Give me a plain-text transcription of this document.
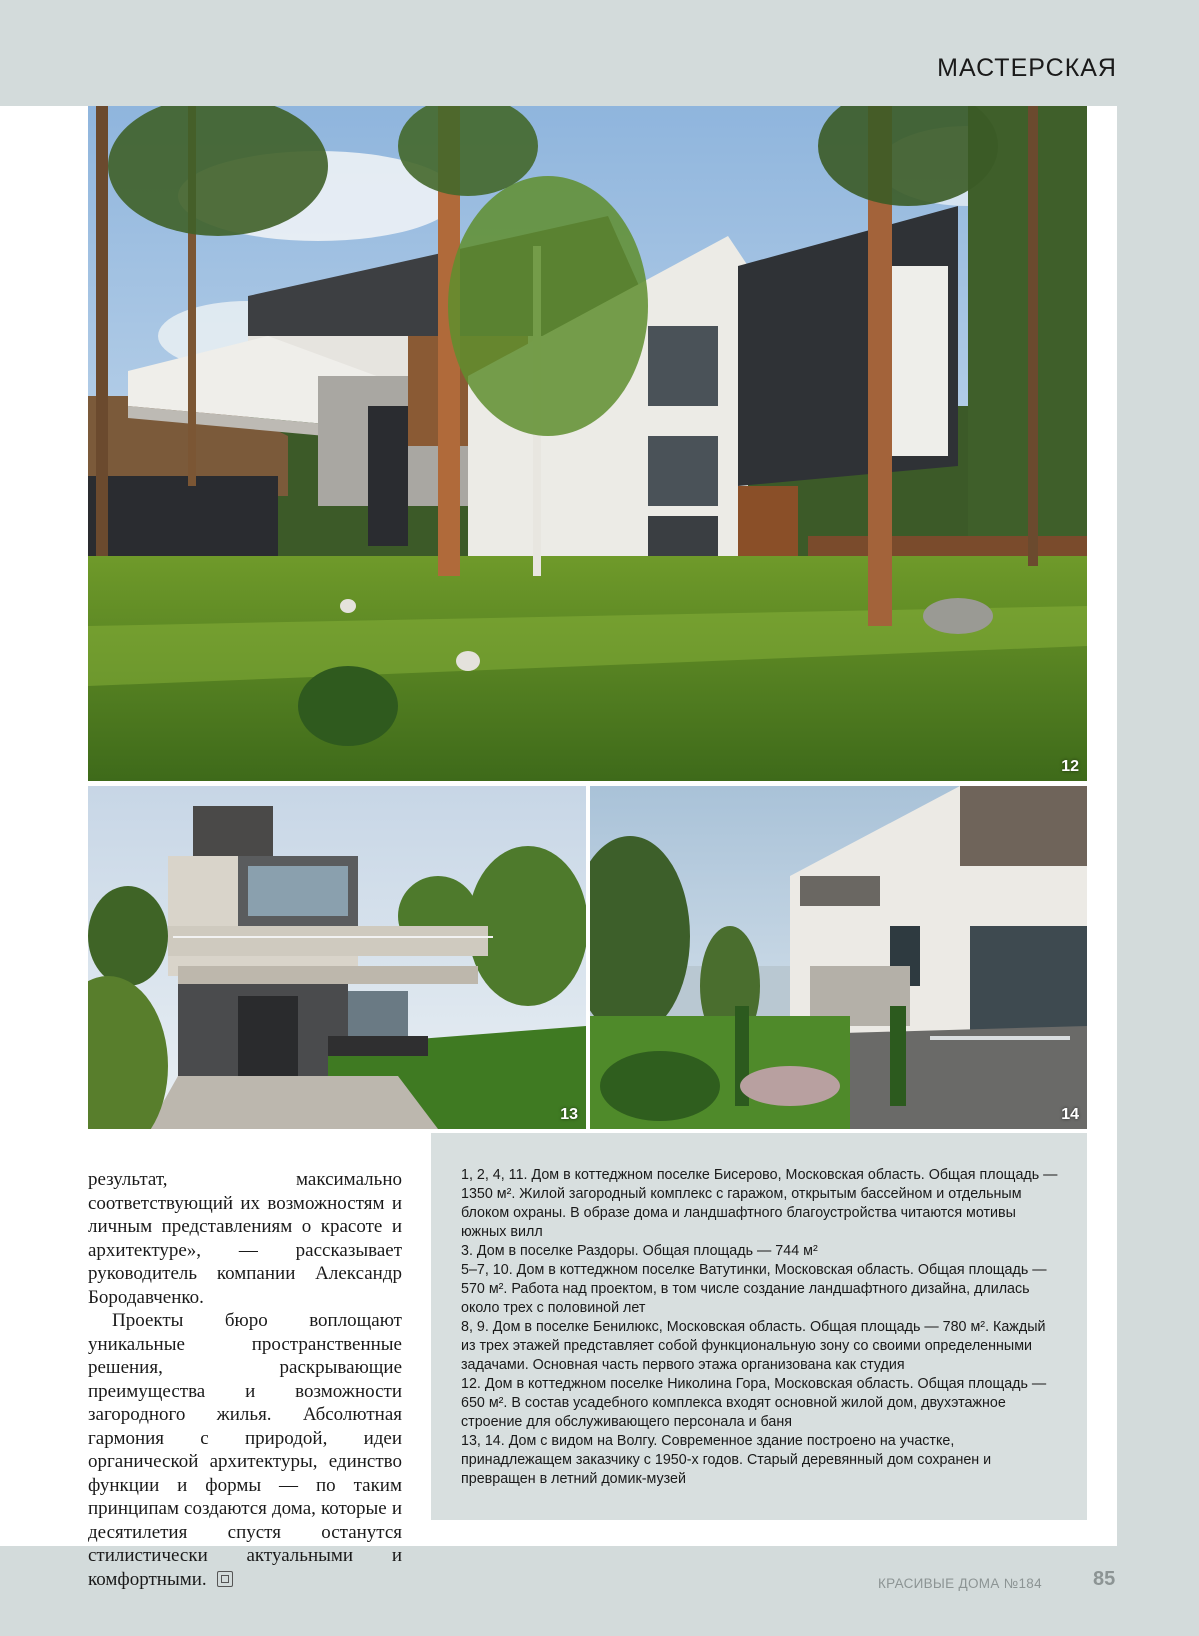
МАСТЕРСКАЯ
12
13	14

результат, максимально соответствующий их возможностям и личным представлениям о красоте и архитектуре», — рассказывает руководитель компании Александр Бородавченко.

Проекты бюро воплощают уникальные пространственные решения, раскрывающие преимущества и возможности загородного жилья. Абсолютная гармония с природой, идеи органической архитектуры, единство функции и формы — по таким принципам создаются дома, которые и десятилетия спустя останутся стилистически актуальными и комфортными.

1, 2, 4, 11. Дом в коттеджном поселке Бисерово, Московская область. Общая площадь — 1350 м². Жилой загородный комплекс с гаражом, открытым бассейном и отдельным блоком охраны. В образе дома и ландшафтного благоустройства читаются мотивы южных вилл

3. Дом в поселке Раздоры. Общая площадь — 744 м²

5–7, 10. Дом в коттеджном поселке Ватутинки, Московская область. Общая площадь — 570 м². Работа над проектом, в том числе создание ландшафтного дизайна, длилась около трех с половиной лет

8, 9. Дом в поселке Бенилюкс, Московская область. Общая площадь — 780 м². Каждый из трех этажей представляет собой функциональную зону со своими определенными задачами. Основная часть первого этажа организована как студия

12. Дом в коттеджном поселке Николина Гора, Московская область. Общая площадь — 650 м². В состав усадебного комплекса входят основной жилой дом, двухэтажное строение для обслуживающего персонала и баня

13, 14. Дом с видом на Волгу. Современное здание построено на участке, принадлежащем заказчику с 1950-х годов. Старый деревянный дом сохранен и превращен в летний домик-музей

КРАСИВЫЕ ДОМА №184	85
